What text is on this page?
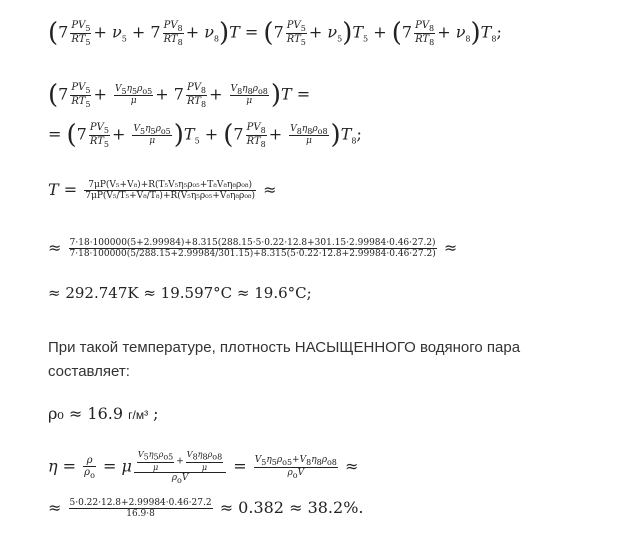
$(7 \frac{PV_5}{RT_5} + \nu_5 + 7 \frac{PV_8}{RT_8} + \nu_8)T = (7 \frac{PV_5}{RT_5} + \nu_5)T_5 + (7 \frac{PV_8}{RT_8} + \nu_8)T_8$;
$(7 \frac{PV_5}{RT_5} + \frac{V5\eta 5\rho o5}{\mu} + 7 \frac{PV_8}{RT_8} + \frac{V8\eta 8\rho o8}{\mu} )T$ =
= $(7 \frac{PV_5}{RT_5} + \frac{V5\eta 5\rho o5}{\mu} )T_5 + (7 \frac{PV_8}{RT_8} + \frac{V8\eta 8\rho o8}{\mu} )T_8$;
$T = \frac{\text{7μP(V₅+V₈)+R(T₅V₅η₅ρ₀₅+T₈V₈η₈ρ₀₈)}}{\text{7μP(V₅/T₅+V₈/T₈)+R(V₅η₅ρ₀₅+V₈η₈ρ₀₈)}}$ ≈
≈ 7·18·100000(5+2.99984)+8.315(288.15·5·0.22·12.8+301.15·2.99984·0.46·27.2)
7·18·100000(5/288.15+2.99984/301.15)+8.315(5·0.22·12.8+2.99984·0.46·27.2) ≈
≈ 292.747K ≈ 19.597°C ≈ 19.6°C;
При такой температуре, плотность НАСЫЩЕННОГО водяного пара составляет:
ρ₀ ≈ 16.9 г/м³ ;
$\eta = \frac{\rho}{\rho_o} = \mu \frac{\frac{V5\eta 5\rho o5}{\mu} + \frac{V8\eta 8\rho o8}{\mu}}{\text{ρoV}} = \frac{V5\eta 5\rho o5+V8\eta 8\rho o8}{\text{ρoV}}$ ≈
≈ $\frac{5\cdot 0.22\cdot 12.8+2.99984\cdot 0.46\cdot 27.2}{16.9\cdot 8} \approx 0.382 \approx 38.2\%$.
